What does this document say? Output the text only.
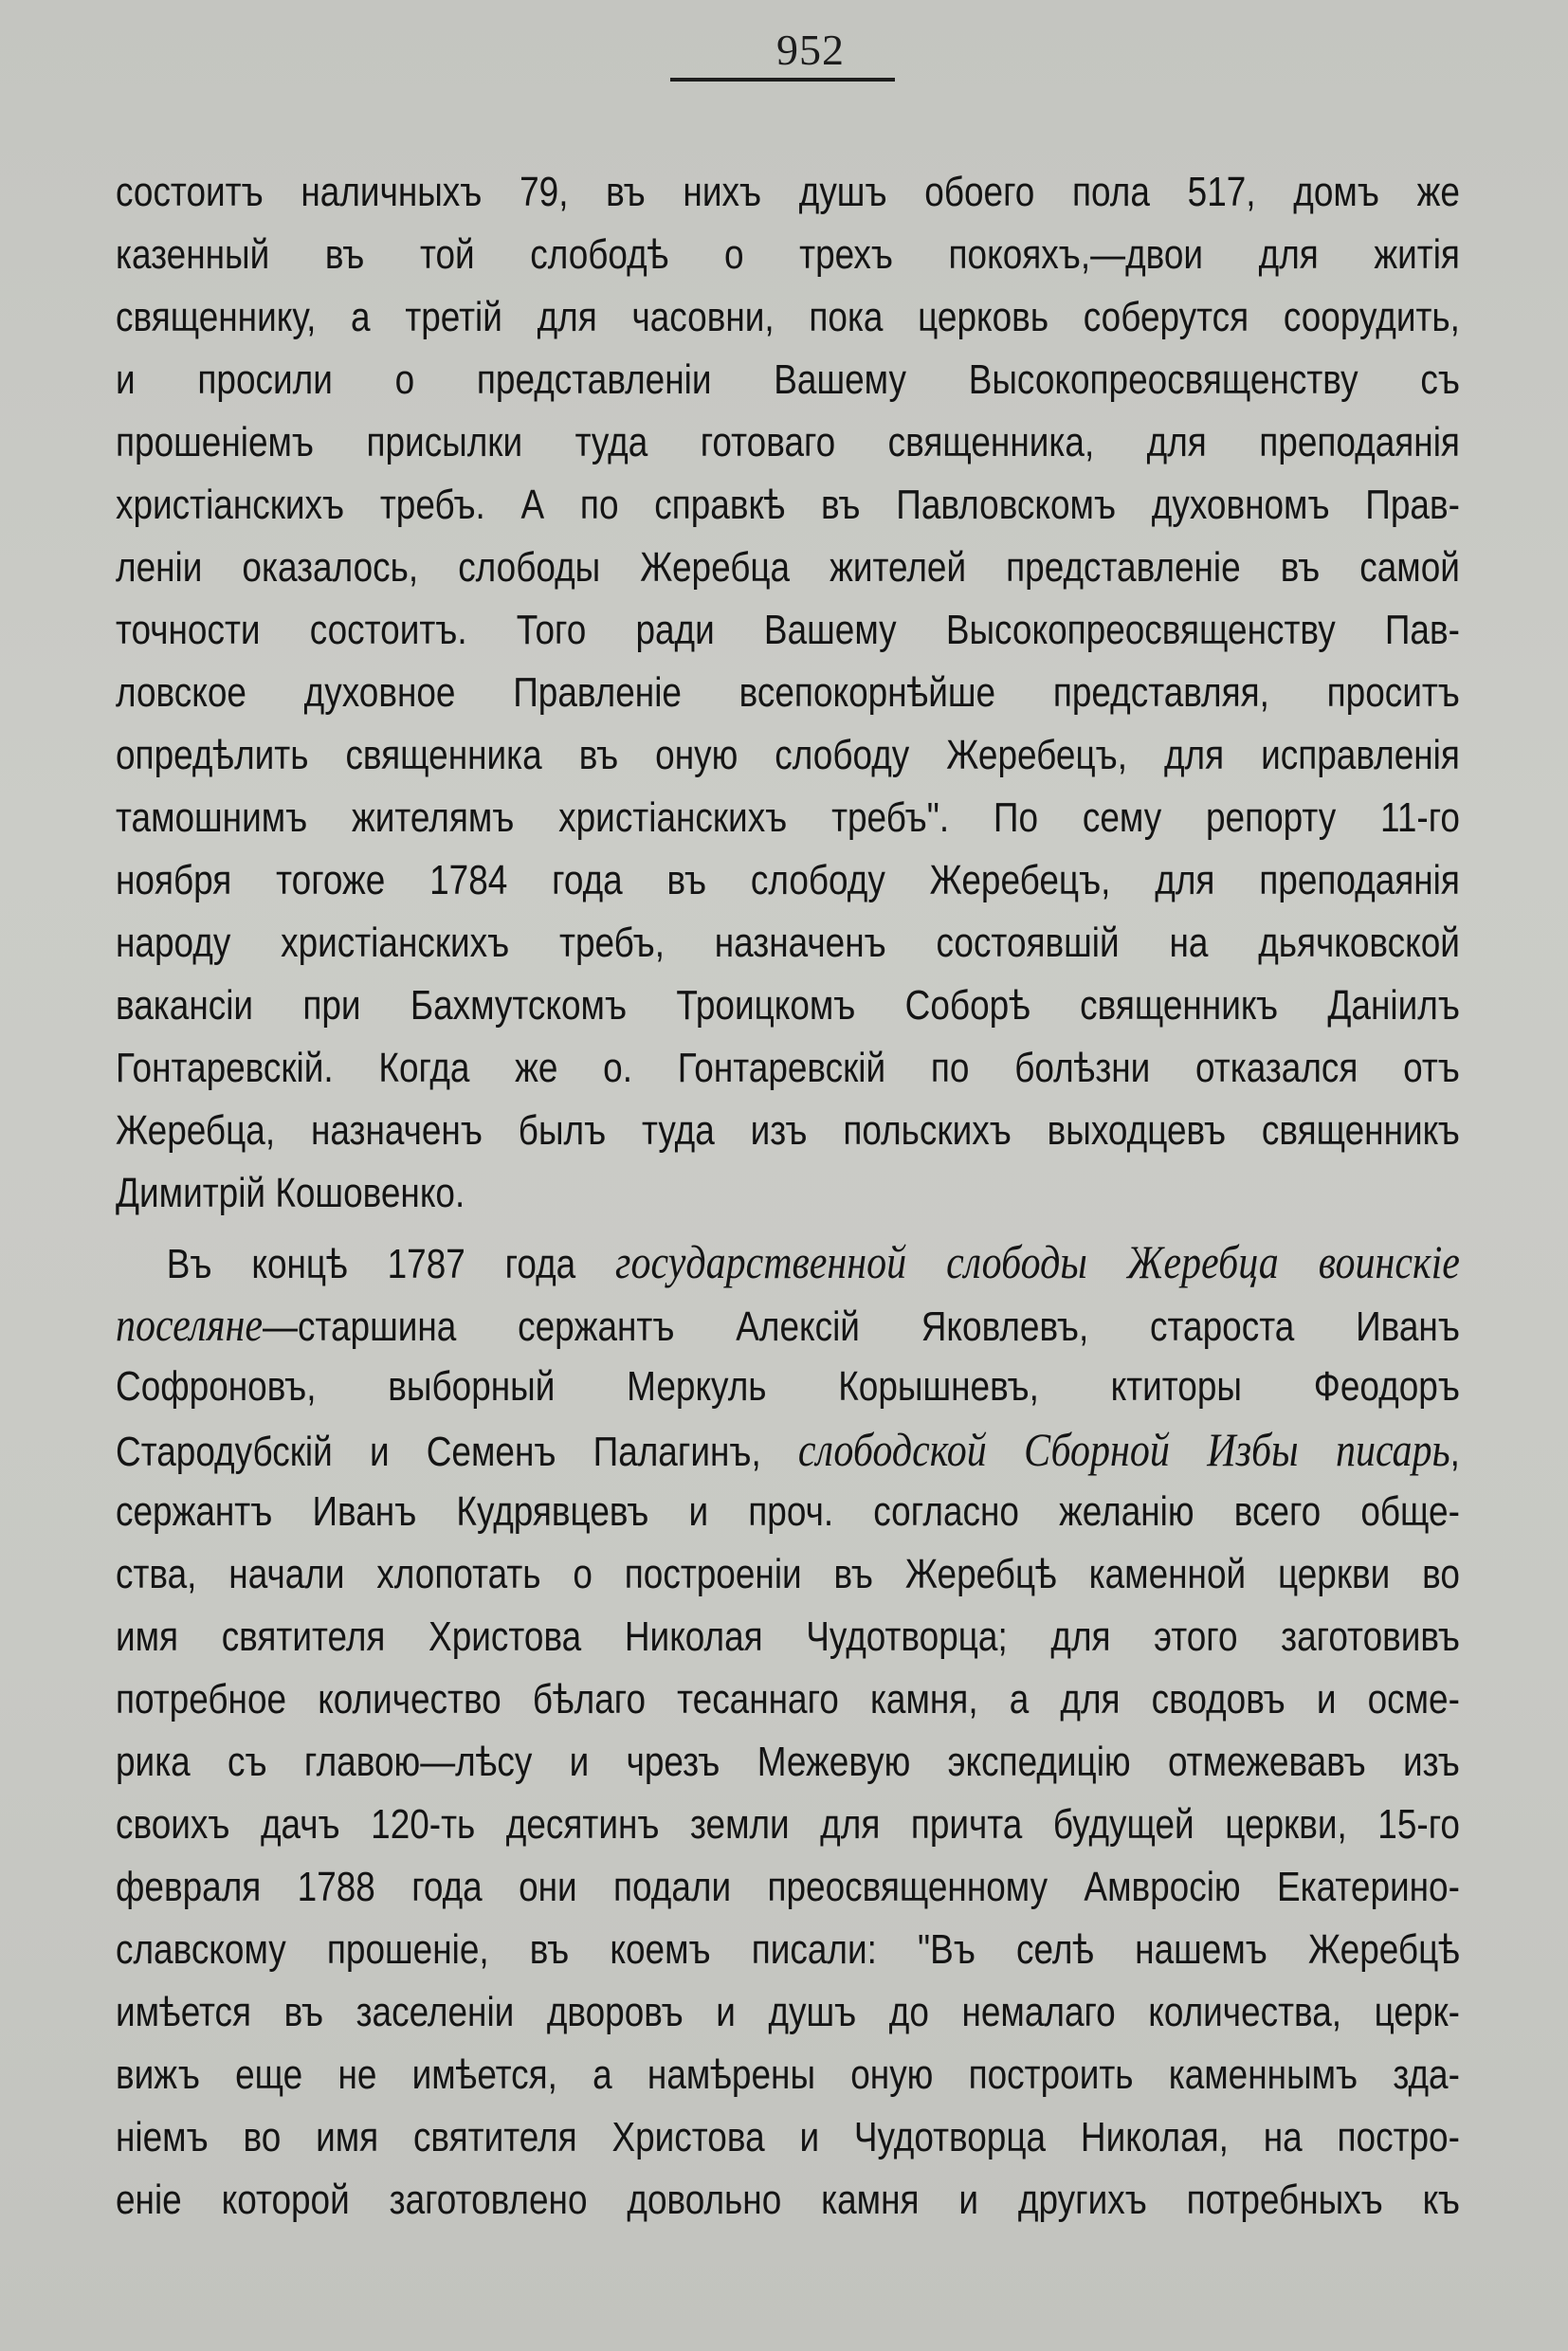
952
состоитъ наличныхъ 79, въ нихъ душъ обоего пола 517, домъ же
казенный въ той слободѣ о трехъ покояхъ,—двои для житія
священнику, а третій для часовни, пока церковь соберутся соорудить,
и просили о представленіи Вашему Высокопреосвященству съ
прошеніемъ присылки туда готоваго священника, для преподаянія
христіанскихъ требъ. А по справкѣ въ Павловскомъ духовномъ Прав-
леніи оказалось, слободы Жеребца жителей представленіе въ самой
точности состоитъ. Того ради Вашему Высокопреосвященству Пав-
ловское духовное Правленіе всепокорнѣйше представляя, проситъ
опредѣлить священника въ оную слободу Жеребецъ, для исправленія
тамошнимъ жителямъ христіанскихъ требъ". По сему репорту 11-го
ноября тогоже 1784 года въ слободу Жеребецъ, для преподаянія
народу христіанскихъ требъ, назначенъ состоявшій на дьячковской
вакансіи при Бахмутскомъ Троицкомъ Соборѣ священникъ Даніилъ
Гонтаревскій. Когда же о. Гонтаревскій по болѣзни отказался отъ
Жеребца, назначенъ былъ туда изъ польскихъ выходцевъ священникъ
Димитрій Кошовенко.
Въ концѣ 1787 года государственной слободы Жеребца воинскіе
поселяне—старшина сержантъ Алексій Яковлевъ, староста Иванъ
Софроновъ, выборный Меркуль Корышневъ, ктиторы Феодоръ
Стародубскій и Семенъ Палагинъ, слободской Сборной Избы писарь,
сержантъ Иванъ Кудрявцевъ и проч. согласно желанію всего обще-
ства, начали хлопотать о построеніи въ Жеребцѣ каменной церкви во
имя святителя Христова Николая Чудотворца; для этого заготовивъ
потребное количество бѣлаго тесаннаго камня, а для сводовъ и осме-
рика съ главою—лѣсу и чрезъ Межевую экспедицію отмежевавъ изъ
своихъ дачъ 120-ть десятинъ земли для причта будущей церкви, 15-го
февраля 1788 года они подали преосвященному Амвросію Екатерино-
славскому прошеніе, въ коемъ писали: "Въ селѣ нашемъ Жеребцѣ
имѣется въ заселеніи дворовъ и душъ до немалаго количества, церк-
вижъ еще не имѣется, а намѣрены оную построить каменнымъ зда-
ніемъ во имя святителя Христова и Чудотворца Николая, на постро-
еніе которой заготовлено довольно камня и другихъ потребныхъ къ
